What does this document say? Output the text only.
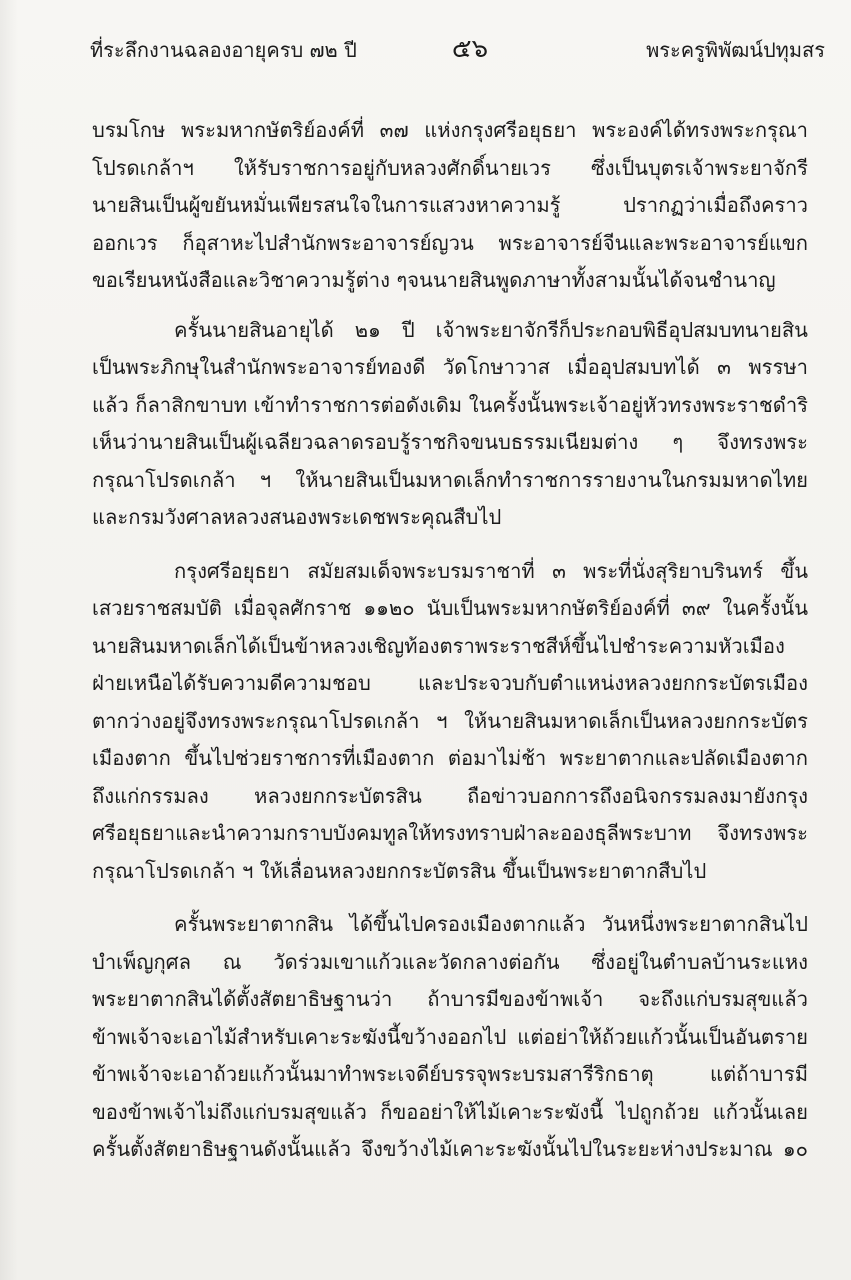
ที่ระลึกงานฉลองอายุครบ ๗๒ ปี	๕๖	พระครูพิพัฒน์ปทุมสร
บรมโกษ พระมหากษัตริย์องค์ที่ ๓๗ แห่งกรุงศรีอยุธยา พระองค์ได้ทรงพระกรุณา
โปรดเกล้าฯ ให้รับราชการอยู่กับหลวงศักดิ์นายเวร ซึ่งเป็นบุตรเจ้าพระยาจักรี
นายสินเป็นผู้ขยันหมั่นเพียรสนใจในการแสวงหาความรู้ ปรากฏว่าเมื่อถึงคราว
ออกเวร ก็อุสาหะไปสำนักพระอาจารย์ญวน พระอาจารย์จีนและพระอาจารย์แขก
ขอเรียนหนังสือและวิชาความรู้ต่าง ๆจนนายสินพูดภาษาทั้งสามนั้นได้จนชำนาญ
ครั้นนายสินอายุได้ ๒๑ ปี เจ้าพระยาจักรีก็ประกอบพิธีอุปสมบทนายสิน
เป็นพระภิกษุในสำนักพระอาจารย์ทองดี วัดโกษาวาส เมื่ออุปสมบทได้ ๓ พรรษา
แล้ว ก็ลาสิกขาบท เข้าทำราชการต่อดังเดิม ในครั้งนั้นพระเจ้าอยู่หัวทรงพระราชดำริ
เห็นว่านายสินเป็นผู้เฉลียวฉลาดรอบรู้ราชกิจขนบธรรมเนียมต่าง ๆ จึงทรงพระ
กรุณาโปรดเกล้า ฯ ให้นายสินเป็นมหาดเล็กทำราชการรายงานในกรมมหาดไทย
และกรมวังศาลหลวงสนองพระเดชพระคุณสืบไป
กรุงศรีอยุธยา สมัยสมเด็จพระบรมราชาที่ ๓ พระที่นั่งสุริยาบรินทร์ ขึ้น
เสวยราชสมบัติ เมื่อจุลศักราช ๑๑๒๐ นับเป็นพระมหากษัตริย์องค์ที่ ๓๙ ในครั้งนั้น
นายสินมหาดเล็กได้เป็นข้าหลวงเชิญท้องตราพระราชสีห์ขึ้นไปชำระความหัวเมือง
ฝ่ายเหนือได้รับความดีความชอบ และประจวบกับตำแหน่งหลวงยกกระบัตรเมือง
ตากว่างอยู่จึงทรงพระกรุณาโปรดเกล้า ฯ ให้นายสินมหาดเล็กเป็นหลวงยกกระบัตร
เมืองตาก ขึ้นไปช่วยราชการที่เมืองตาก ต่อมาไม่ช้า พระยาตากและปลัดเมืองตาก
ถึงแก่กรรมลง หลวงยกกระบัตรสิน ถือข่าวบอกการถึงอนิจกรรมลงมายังกรุง
ศรีอยุธยาและนำความกราบบังคมทูลให้ทรงทราบฝ่าละอองธุลีพระบาท จึงทรงพระ
กรุณาโปรดเกล้า ฯ ให้เลื่อนหลวงยกกระบัตรสิน ขึ้นเป็นพระยาตากสืบไป
ครั้นพระยาตากสิน ได้ขึ้นไปครองเมืองตากแล้ว วันหนึ่งพระยาตากสินไป
บำเพ็ญกุศล ณ วัดร่วมเขาแก้วและวัดกลางต่อกัน ซึ่งอยู่ในตำบลบ้านระแหง
พระยาตากสินได้ตั้งสัตยาธิษฐานว่า ถ้าบารมีของข้าพเจ้า จะถึงแก่บรมสุขแล้ว
ข้าพเจ้าจะเอาไม้สำหรับเคาะระฆังนี้ขว้างออกไป แต่อย่าให้ถ้วยแก้วนั้นเป็นอันตราย
ข้าพเจ้าจะเอาถ้วยแก้วนั้นมาทำพระเจดีย์บรรจุพระบรมสารีริกธาตุ แต่ถ้าบารมี
ของข้าพเจ้าไม่ถึงแก่บรมสุขแล้ว ก็ขออย่าให้ไม้เคาะระฆังนี้ ไปถูกถ้วย แก้วนั้นเลย
ครั้นตั้งสัตยาธิษฐานดังนั้นแล้ว จึงขว้างไม้เคาะระฆังนั้นไปในระยะห่างประมาณ ๑๐
